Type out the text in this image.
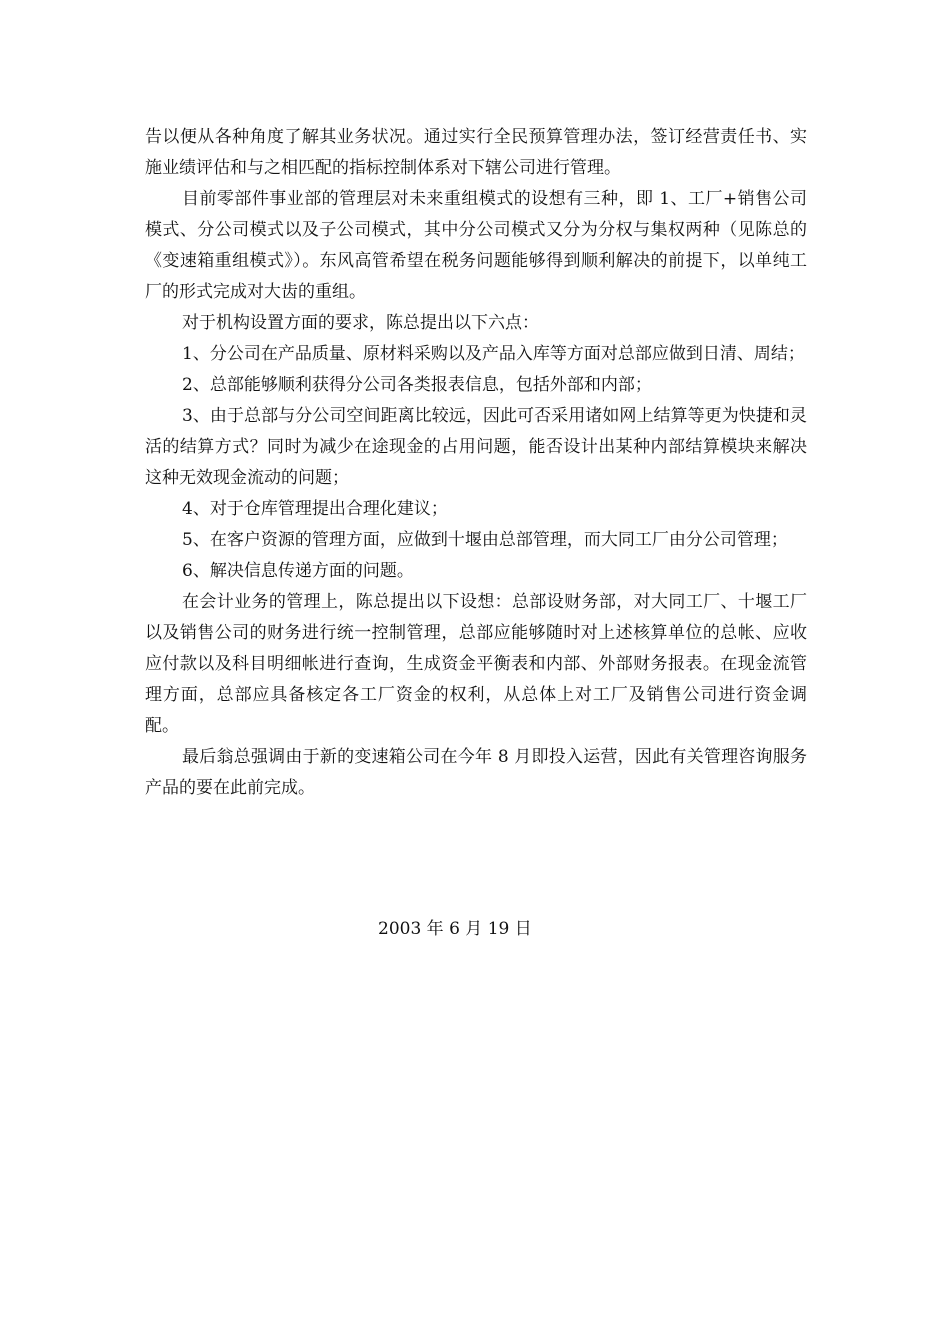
告以便从各种角度了解其业务状况。通过实行全民预算管理办法，签订经营责任书、实施业绩评估和与之相匹配的指标控制体系对下辖公司进行管理。

目前零部件事业部的管理层对未来重组模式的设想有三种，即 1、工厂+销售公司模式、分公司模式以及子公司模式，其中分公司模式又分为分权与集权两种（见陈总的《变速箱重组模式》）。东风高管希望在税务问题能够得到顺利解决的前提下，以单纯工厂的形式完成对大齿的重组。

对于机构设置方面的要求，陈总提出以下六点：

1、分公司在产品质量、原材料采购以及产品入库等方面对总部应做到日清、周结；

2、总部能够顺利获得分公司各类报表信息，包括外部和内部；

3、由于总部与分公司空间距离比较远，因此可否采用诸如网上结算等更为快捷和灵活的结算方式？同时为减少在途现金的占用问题，能否设计出某种内部结算模块来解决这种无效现金流动的问题；

4、对于仓库管理提出合理化建议；

5、在客户资源的管理方面，应做到十堰由总部管理，而大同工厂由分公司管理；

6、解决信息传递方面的问题。

在会计业务的管理上，陈总提出以下设想：总部设财务部，对大同工厂、十堰工厂以及销售公司的财务进行统一控制管理，总部应能够随时对上述核算单位的总帐、应收应付款以及科目明细帐进行查询，生成资金平衡表和内部、外部财务报表。在现金流管理方面，总部应具备核定各工厂资金的权利，从总体上对工厂及销售公司进行资金调配。

最后翁总强调由于新的变速箱公司在今年 8 月即投入运营，因此有关管理咨询服务产品的要在此前完成。

2003 年 6 月 19 日
